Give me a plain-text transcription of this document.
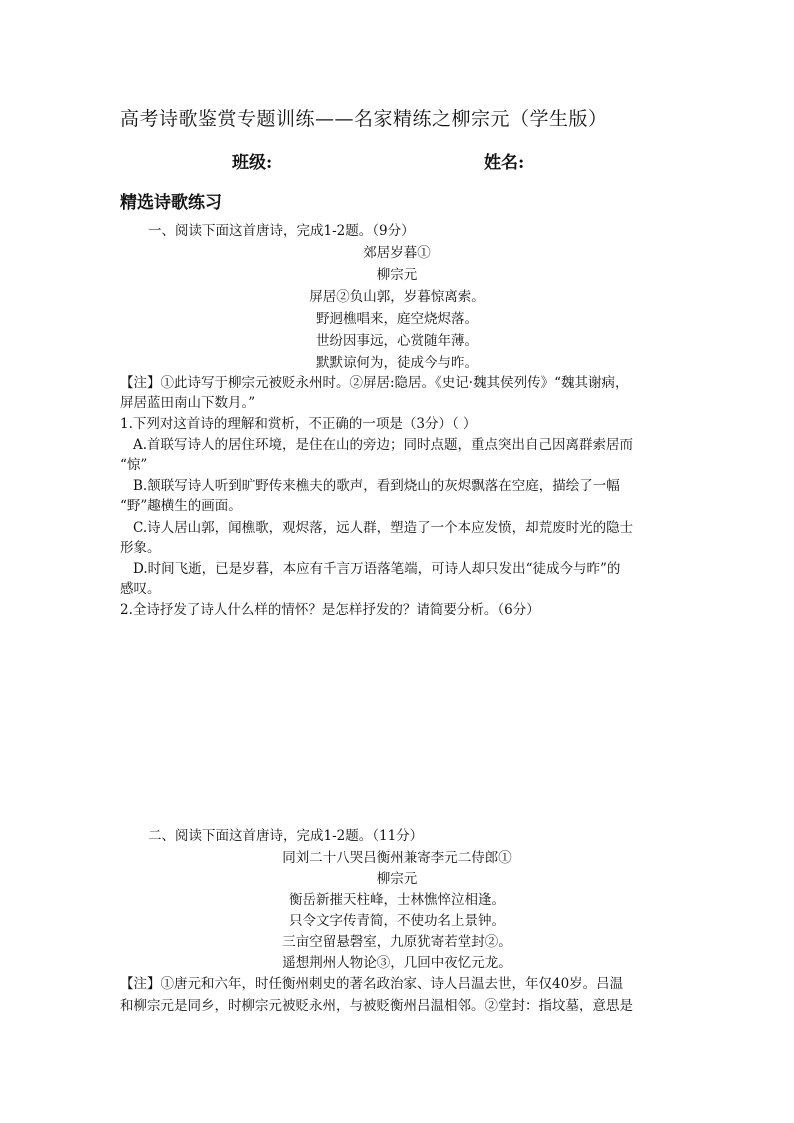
高考诗歌鉴赏专题训练——名家精练之柳宗元（学生版）
班级:	姓名:
精选诗歌练习
一、阅读下面这首唐诗，完成1-2题。（9分）
郊居岁暮①
柳宗元
屏居②负山郭，岁暮惊离索。
野迥樵唱来，庭空烧烬落。
世纷因事远，心赏随年薄。
默默谅何为，徒成今与昨。
【注】①此诗写于柳宗元被贬永州时。②屏居:隐居。《史记·魏其侯列传》“魏其谢病，
屏居蓝田南山下数月。”
1.下列对这首诗的理解和赏析，不正确的一项是（3分）（ ）
A.首联写诗人的居住环境，是住在山的旁边；同时点题，重点突出自己因离群索居而
“惊”
B.颔联写诗人听到旷野传来樵夫的歌声，看到烧山的灰烬飘落在空庭，描绘了一幅
“野”趣横生的画面。
C.诗人居山郭，闻樵歌，观烬落，远人群，塑造了一个本应发愤，却荒废时光的隐士
形象。
D.时间飞逝，已是岁暮，本应有千言万语落笔端，可诗人却只发出“徒成今与昨”的
感叹。
2.全诗抒发了诗人什么样的情怀？是怎样抒发的？请简要分析。（6分）
二、阅读下面这首唐诗，完成1-2题。（11分）
同刘二十八哭吕衡州兼寄李元二侍郎①
柳宗元
衡岳新摧天柱峰，士林憔悴泣相逢。
只令文字传青简，不使功名上景钟。
三亩空留悬磬室，九原犹寄若堂封②。
遥想荆州人物论③，几回中夜忆元龙。
【注】①唐元和六年，时任衡州刺史的著名政治家、诗人吕温去世，年仅40岁。吕温
和柳宗元是同乡，时柳宗元被贬永州，与被贬衡州吕温相邻。②堂封：指坟墓，意思是
